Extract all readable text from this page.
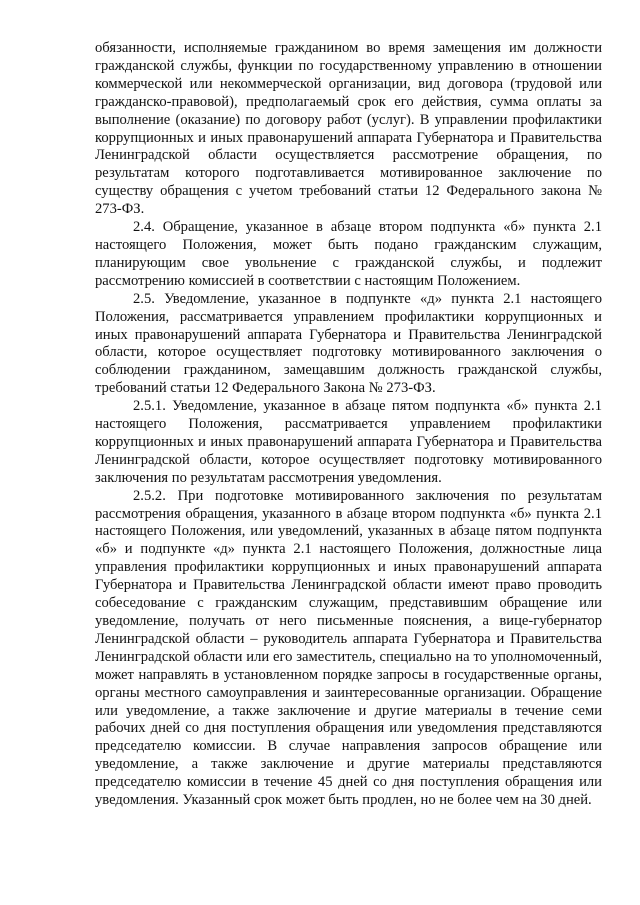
обязанности, исполняемые гражданином во время замещения им должности гражданской службы, функции по государственному управлению в отношении коммерческой или некоммерческой организации, вид договора (трудовой или гражданско-правовой), предполагаемый срок его действия, сумма оплаты за выполнение (оказание) по договору работ (услуг). В управлении профилактики коррупционных и иных правонарушений аппарата Губернатора и Правительства Ленинградской области осуществляется рассмотрение обращения, по результатам которого подготавливается мотивированное заключение по существу обращения с учетом требований статьи 12 Федерального закона № 273-ФЗ.

2.4. Обращение, указанное в абзаце втором подпункта «б» пункта 2.1 настоящего Положения, может быть подано гражданским служащим, планирующим свое увольнение с гражданской службы, и подлежит рассмотрению комиссией в соответствии с настоящим Положением.

2.5. Уведомление, указанное в подпункте «д» пункта 2.1 настоящего Положения, рассматривается управлением профилактики коррупционных и иных правонарушений аппарата Губернатора и Правительства Ленинградской области, которое осуществляет подготовку мотивированного заключения о соблюдении гражданином, замещавшим должность гражданской службы, требований статьи 12 Федерального Закона № 273-ФЗ.

2.5.1. Уведомление, указанное в абзаце пятом подпункта «б» пункта 2.1 настоящего Положения, рассматривается управлением профилактики коррупционных и иных правонарушений аппарата Губернатора и Правительства Ленинградской области, которое осуществляет подготовку мотивированного заключения по результатам рассмотрения уведомления.

2.5.2. При подготовке мотивированного заключения по результатам рассмотрения обращения, указанного в абзаце втором подпункта «б» пункта 2.1 настоящего Положения, или уведомлений, указанных в абзаце пятом подпункта «б» и подпункте «д» пункта 2.1 настоящего Положения, должностные лица управления профилактики коррупционных и иных правонарушений аппарата Губернатора и Правительства Ленинградской области имеют право проводить собеседование с гражданским служащим, представившим обращение или уведомление, получать от него письменные пояснения, а вице-губернатор Ленинградской области – руководитель аппарата Губернатора и Правительства Ленинградской области или его заместитель, специально на то уполномоченный, может направлять в установленном порядке запросы в государственные органы, органы местного самоуправления и заинтересованные организации. Обращение или уведомление, а также заключение и другие материалы в течение семи рабочих дней со дня поступления обращения или уведомления представляются председателю комиссии. В случае направления запросов обращение или уведомление, а также заключение и другие материалы представляются председателю комиссии в течение 45 дней со дня поступления обращения или уведомления. Указанный срок может быть продлен, но не более чем на 30 дней.
